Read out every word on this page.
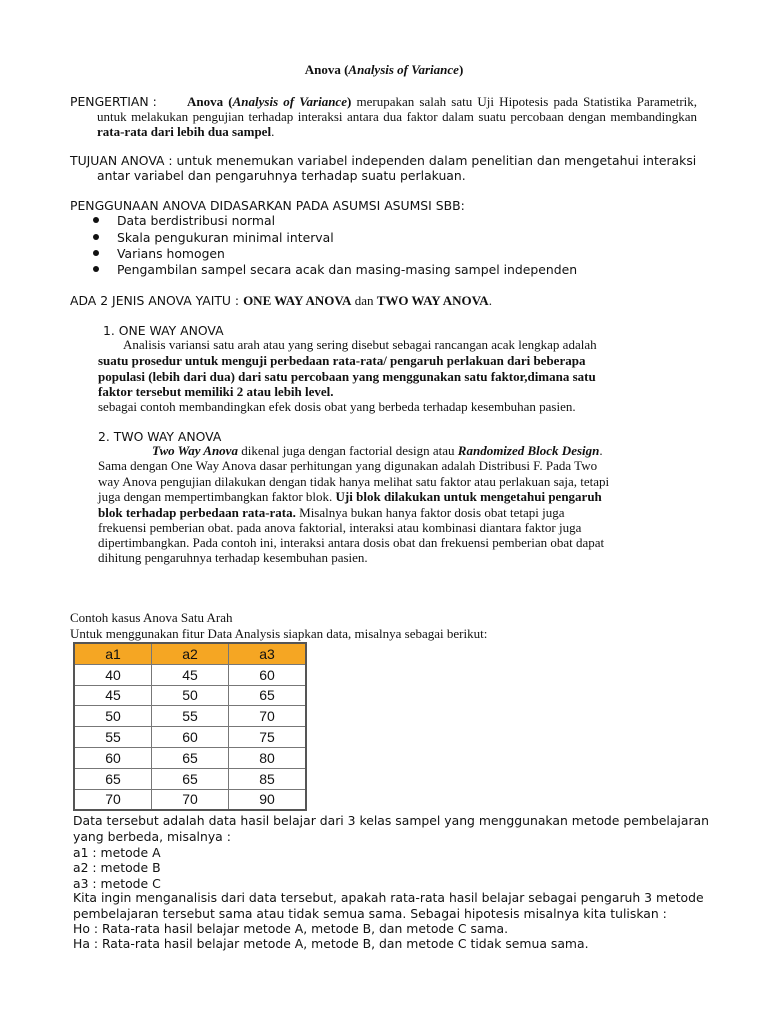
Anova (Analysis of Variance)
PENGERTIAN :	Anova (Analysis of Variance) merupakan salah satu Uji Hipotesis pada Statistika Parametrik, untuk melakukan pengujian terhadap interaksi antara dua faktor dalam suatu percobaan dengan membandingkan rata-rata dari lebih dua sampel.
TUJUAN ANOVA : untuk menemukan variabel independen dalam penelitian dan mengetahui interaksi
antar variabel dan pengaruhnya terhadap suatu perlakuan.
PENGGUNAAN ANOVA DIDASARKAN PADA ASUMSI ASUMSI SBB:
Data berdistribusi normal
Skala pengukuran minimal interval
Varians homogen
Pengambilan sampel secara acak dan masing-masing sampel independen
ADA 2 JENIS ANOVA YAITU : ONE WAY ANOVA dan TWO WAY ANOVA.
1. ONE WAY ANOVA
Analisis variansi satu arah atau yang sering disebut sebagai rancangan acak lengkap adalah
suatu prosedur untuk menguji perbedaan rata-rata/ pengaruh perlakuan dari beberapa
populasi (lebih dari dua) dari satu percobaan yang menggunakan satu faktor,dimana satu
faktor tersebut memiliki 2 atau lebih level.
sebagai contoh membandingkan efek dosis obat yang berbeda terhadap kesembuhan pasien.
2. TWO WAY ANOVA
Two Way Anova dikenal juga dengan factorial design atau Randomized Block Design.
Sama dengan One Way Anova dasar perhitungan yang digunakan adalah Distribusi F. Pada Two
way Anova pengujian dilakukan dengan tidak hanya melihat satu faktor atau perlakuan saja, tetapi
juga dengan mempertimbangkan faktor blok. Uji blok dilakukan untuk mengetahui pengaruh
blok terhadap perbedaan rata-rata. Misalnya bukan hanya faktor dosis obat tetapi juga
frekuensi pemberian obat. pada anova faktorial, interaksi atau kombinasi diantara faktor juga
dipertimbangkan. Pada contoh ini, interaksi antara dosis obat dan frekuensi pemberian obat dapat
dihitung pengaruhnya terhadap kesembuhan pasien.
Contoh kasus Anova Satu Arah
Untuk menggunakan fitur Data Analysis siapkan data, misalnya sebagai berikut:
a1	a2	a3
40	45	60
45	50	65
50	55	70
55	60	75
60	65	80
65	65	85
70	70	90
Data tersebut adalah data hasil belajar dari 3 kelas sampel yang menggunakan metode pembelajaran
yang berbeda, misalnya :
a1 : metode A
a2 : metode B
a3 : metode C
Kita ingin menganalisis dari data tersebut, apakah rata-rata hasil belajar sebagai pengaruh 3 metode
pembelajaran tersebut sama atau tidak semua sama. Sebagai hipotesis misalnya kita tuliskan :
Ho : Rata-rata hasil belajar metode A, metode B, dan metode C sama.
Ha : Rata-rata hasil belajar metode A, metode B, dan metode C tidak semua sama.
